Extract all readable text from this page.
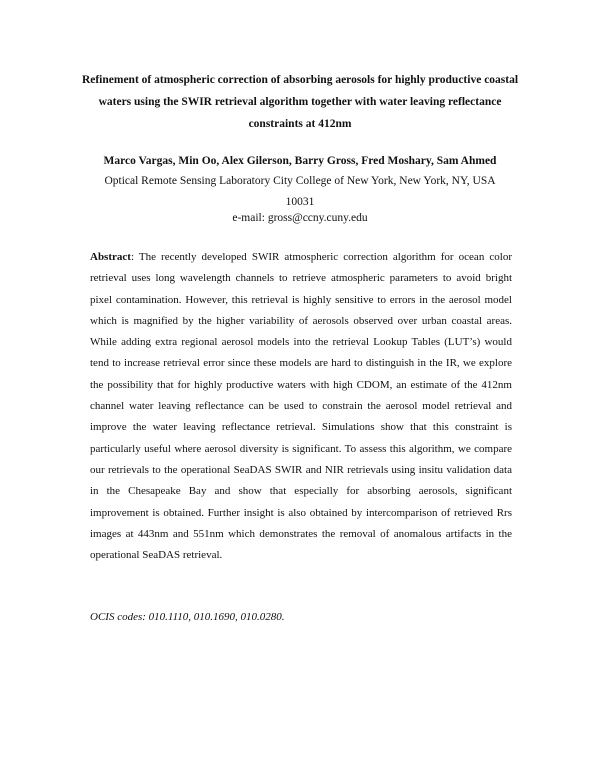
Refinement of atmospheric correction of absorbing aerosols for highly productive coastal waters using the SWIR retrieval algorithm together with water leaving reflectance constraints at 412nm

Marco Vargas, Min Oo, Alex Gilerson, Barry Gross, Fred Moshary, Sam Ahmed

Optical Remote Sensing Laboratory City College of New York, New York, NY, USA 10031

e-mail: gross@ccny.cuny.edu

Abstract: The recently developed SWIR atmospheric correction algorithm for ocean color retrieval uses long wavelength channels to retrieve atmospheric parameters to avoid bright pixel contamination. However, this retrieval is highly sensitive to errors in the aerosol model which is magnified by the higher variability of aerosols observed over urban coastal areas. While adding extra regional aerosol models into the retrieval Lookup Tables (LUT’s) would tend to increase retrieval error since these models are hard to distinguish in the IR, we explore the possibility that for highly productive waters with high CDOM, an estimate of the 412nm channel water leaving reflectance can be used to constrain the aerosol model retrieval and improve the water leaving reflectance retrieval. Simulations show that this constraint is particularly useful where aerosol diversity is significant. To assess this algorithm, we compare our retrievals to the operational SeaDAS SWIR and NIR retrievals using insitu validation data in the Chesapeake Bay and show that especially for absorbing aerosols, significant improvement is obtained. Further insight is also obtained by intercomparison of retrieved Rrs images at 443nm and 551nm which demonstrates the removal of anomalous artifacts in the operational SeaDAS retrieval.

OCIS codes: 010.1110, 010.1690, 010.0280.
